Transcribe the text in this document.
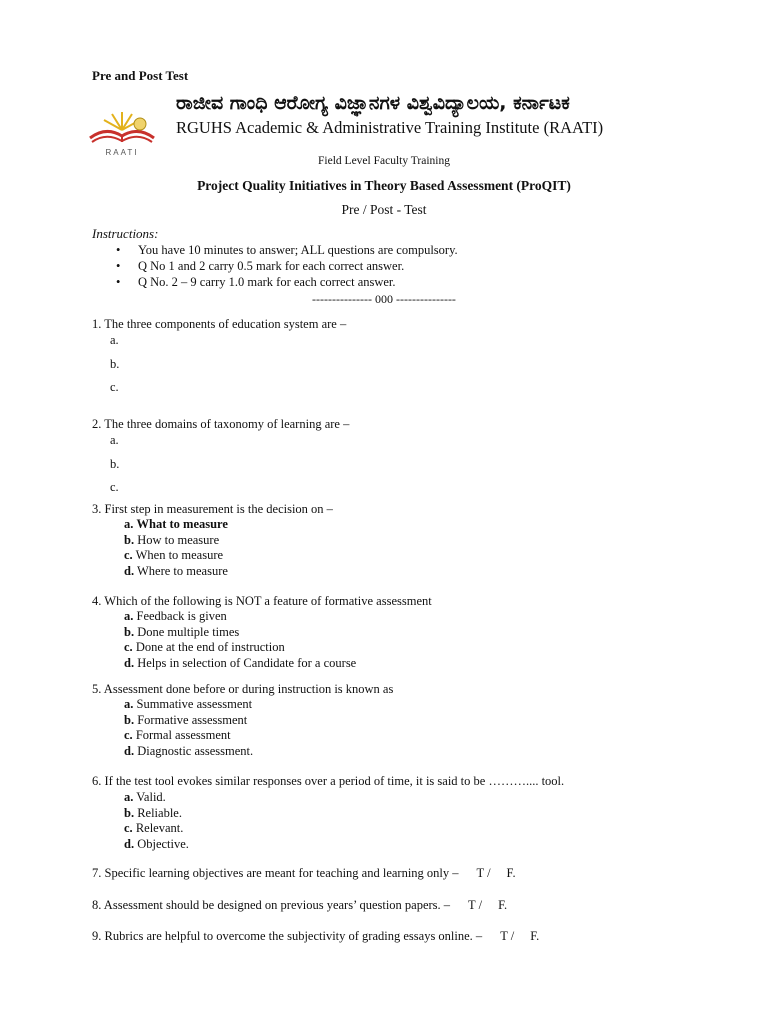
Pre and Post Test
ರಾಜೀವ ಗಾಂಧಿ ಆರೋಗ್ಯ ವಿಜ್ಞಾನಗಳ ವಿಶ್ವವಿದ್ಯಾಲಯ, ಕರ್ನಾಟಕ
RAATI
RGUHS Academic & Administrative Training Institute (RAATI)
Field Level Faculty Training
Project Quality Initiatives in Theory Based Assessment (ProQIT)
Pre / Post - Test
Instructions:
• You have 10 minutes to answer; ALL questions are compulsory.
• Q No 1 and 2 carry 0.5 mark for each correct answer.
• Q No. 2 – 9 carry 1.0 mark for each correct answer.
--------------- 000 ---------------
1. The three components of education system are –
a.
b.
c.
2. The three domains of taxonomy of learning are –
a.
b.
c.
3. First step in measurement is the decision on –
a. What to measure
b. How to measure
c. When to measure
d. Where to measure
4. Which of the following is NOT a feature of formative assessment
a. Feedback is given
b. Done multiple times
c. Done at the end of instruction
d. Helps in selection of Candidate for a course
5. Assessment done before or during instruction is known as
a. Summative assessment
b. Formative assessment
c. Formal assessment
d. Diagnostic assessment.
6. If the test tool evokes similar responses over a period of time, it is said to be ……….... tool.
a. Valid.
b. Reliable.
c. Relevant.
d. Objective.
7. Specific learning objectives are meant for teaching and learning only – T / F.
8. Assessment should be designed on previous years’ question papers. – T / F.
9. Rubrics are helpful to overcome the subjectivity of grading essays online. – T / F.
